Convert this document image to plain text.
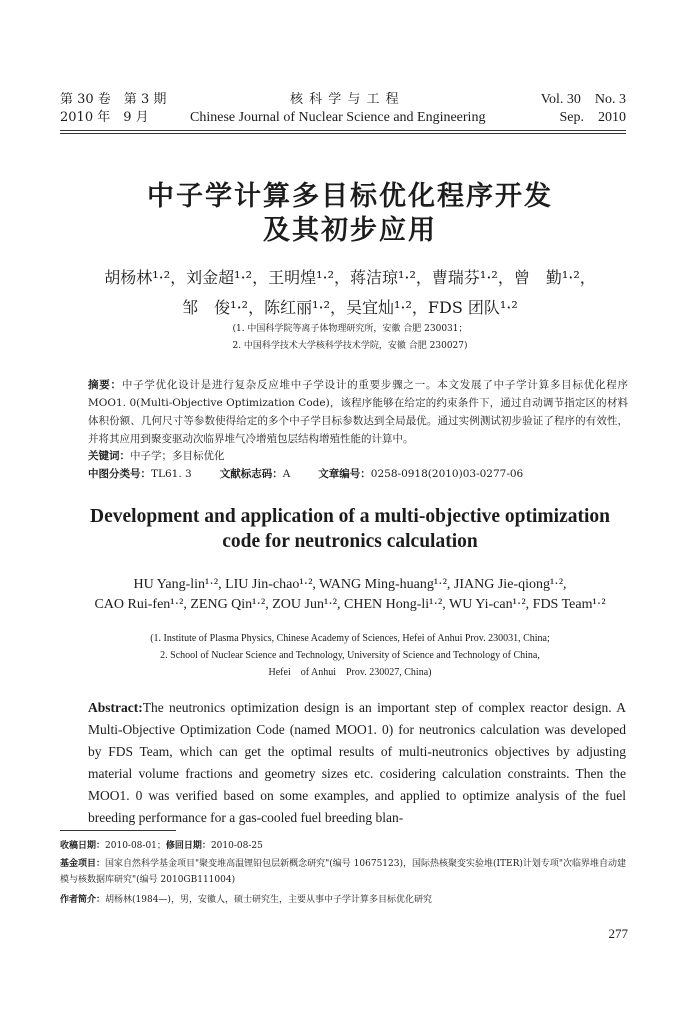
第 30 卷　第 3 期
2010 年　9 月
核 科 学 与 工 程
Chinese Journal of Nuclear Science and Engineering
Vol. 30　No. 3
Sep.　2010
中子学计算多目标优化程序开发
及其初步应用
胡杨林¹·²，刘金超¹·²，王明煌¹·²，蒋洁琼¹·²，曹瑞芬¹·²，曾　勤¹·²，
邹　俊¹·²，陈红丽¹·²，吴宜灿¹·²，FDS 团队¹·²
(1. 中国科学院等离子体物理研究所，安徽 合肥 230031；
2. 中国科学技术大学核科学技术学院，安徽 合肥 230027)
摘要：中子学优化设计是进行复杂反应堆中子学设计的重要步骤之一。本文发展了中子学计算多目标优化程序 MOO1. 0(Multi-Objective Optimization Code)，该程序能够在给定的约束条件下，通过自动调节指定区的材料体积份额、几何尺寸等参数使得给定的多个中子学目标参数达到全局最优。通过实例测试初步验证了程序的有效性，并将其应用到聚变驱动次临界堆气冷增殖包层结构增殖性能的计算中。
关键词：中子学；多目标优化
中图分类号：TL61. 3	文献标志码：A	文章编号：0258-0918(2010)03-0277-06
Development and application of a multi-objective optimization
code for neutronics calculation
HU Yang-lin¹·², LIU Jin-chao¹·², WANG Ming-huang¹·², JIANG Jie-qiong¹·²,
CAO Rui-fen¹·², ZENG Qin¹·², ZOU Jun¹·², CHEN Hong-li¹·², WU Yi-can¹·², FDS Team¹·²
(1. Institute of Plasma Physics, Chinese Academy of Sciences, Hefei of Anhui Prov. 230031, China;
2. School of Nuclear Science and Technology, University of Science and Technology of China,
Hefei　of Anhui　Prov. 230027, China)
Abstract:The neutronics optimization design is an important step of complex reactor design. A Multi-Objective Optimization Code (named MOO1. 0) for neutronics calculation was developed by FDS Team, which can get the optimal results of multi-neutronics objectives by adjusting material volume fractions and geometry sizes etc. cosidering calculation constraints. Then the MOO1. 0 was verified based on some examples, and applied to optimize analysis of the fuel breeding performance for a gas-cooled fuel breeding blan-
收稿日期：2010-08-01；修回日期：2010-08-25
基金项目：国家自然科学基金项目"聚变堆高温锂铅包层新概念研究"(编号 10675123)，国际热核聚变实验堆(ITER)计划专项"次临界堆自动建模与核数据库研究"(编号 2010GB111004)
作者简介：胡杨林(1984—)，男，安徽人，硕士研究生，主要从事中子学计算多目标优化研究
277
